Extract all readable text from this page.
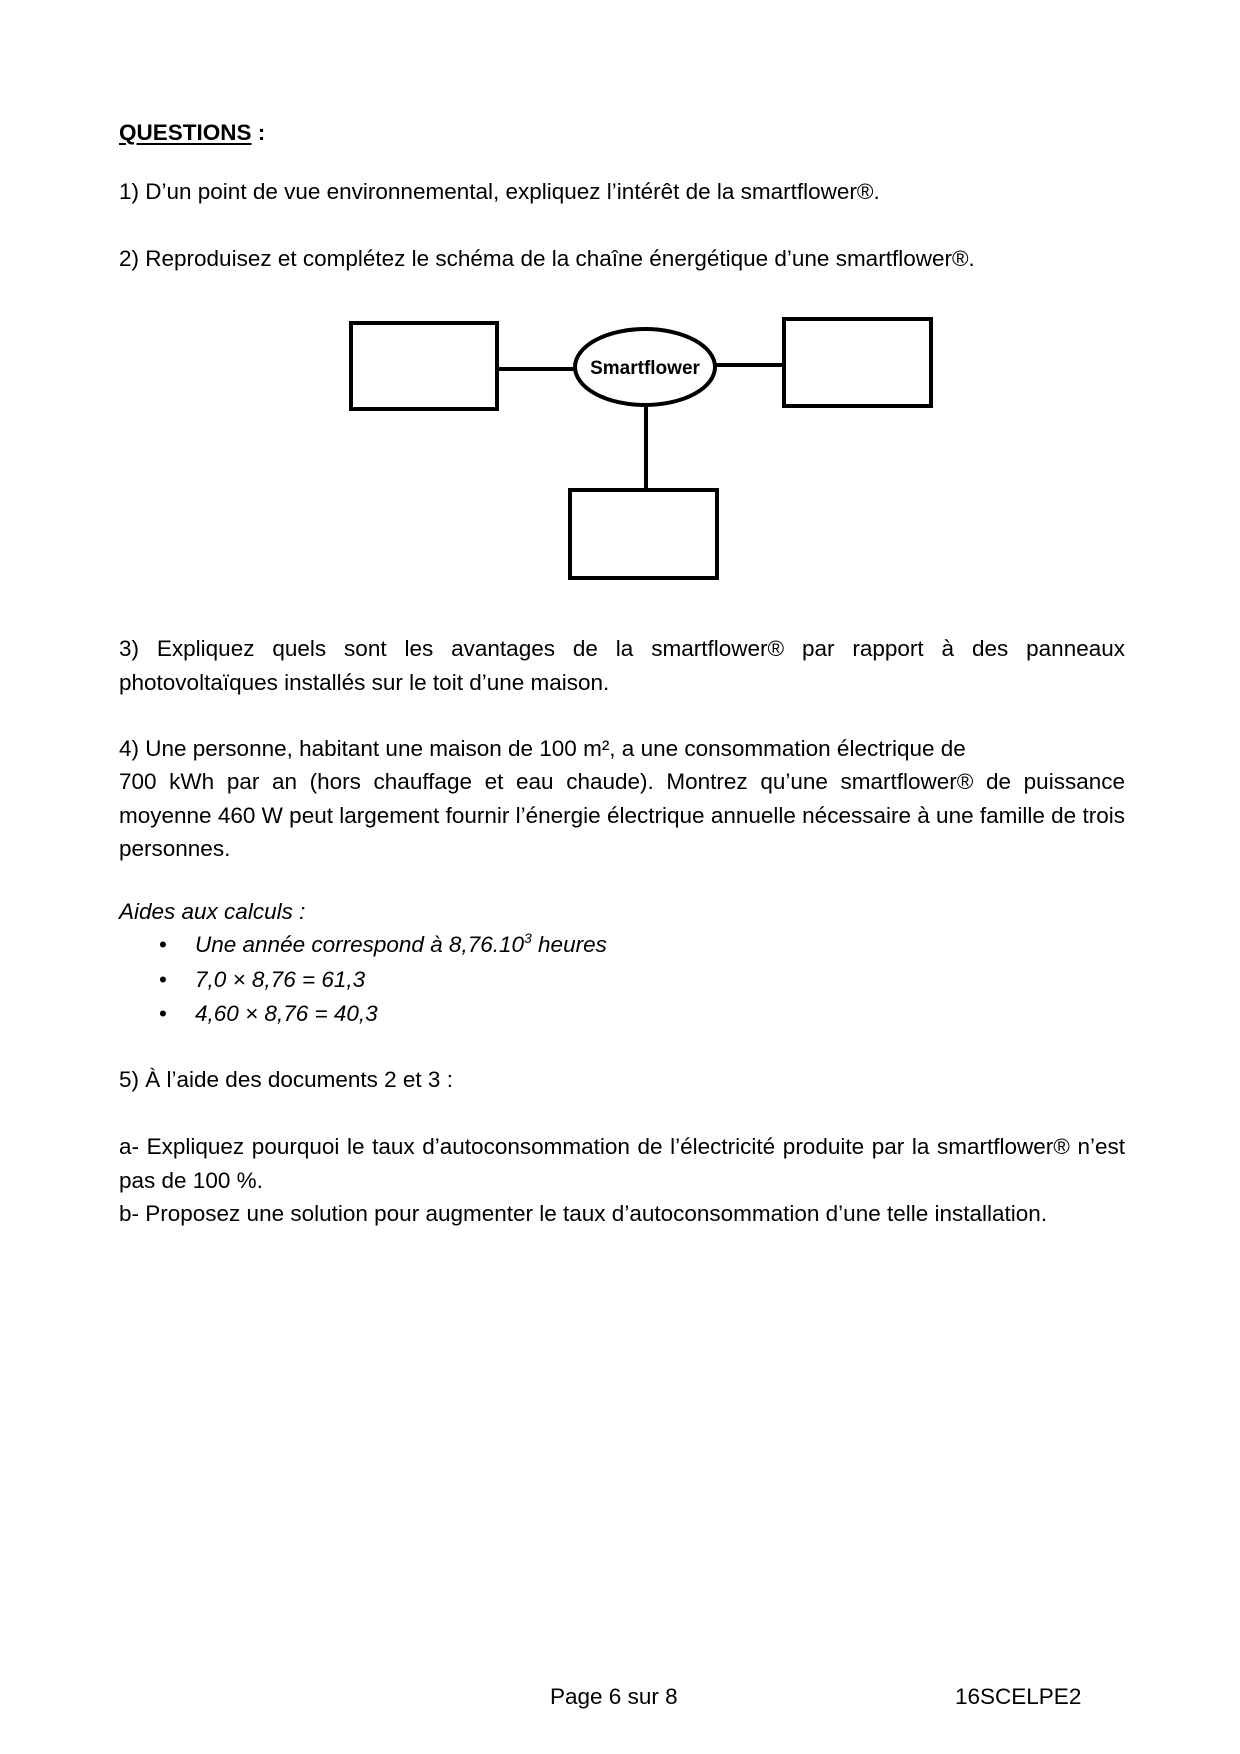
QUESTIONS :

1) D’un point de vue environnemental, expliquez l’intérêt de la smartflower®.

2) Reproduisez et complétez le schéma de la chaîne énergétique d’une smartflower®.

Smartflower

3) Expliquez quels sont les avantages de la smartflower® par rapport à des panneaux photovoltaïques installés sur le toit d’une maison.

4) Une personne, habitant une maison de 100 m², a une consommation électrique de

700 kWh par an (hors chauffage et eau chaude). Montrez qu’une smartflower® de puissance moyenne 460 W peut largement fournir l’énergie électrique annuelle nécessaire à une famille de trois personnes.

Aides aux calculs :

• Une année correspond à 8,76.10$^3$ heures
• 7,0 × 8,76 = 61,3
• 4,60 × 8,76 = 40,3

5) À l’aide des documents 2 et 3 :

a- Expliquez pourquoi le taux d’autoconsommation de l’électricité produite par la smartflower® n’est pas de 100 %.

b- Proposez une solution pour augmenter le taux d’autoconsommation d’une telle installation.

Page 6 sur 8	16SCELPE2
